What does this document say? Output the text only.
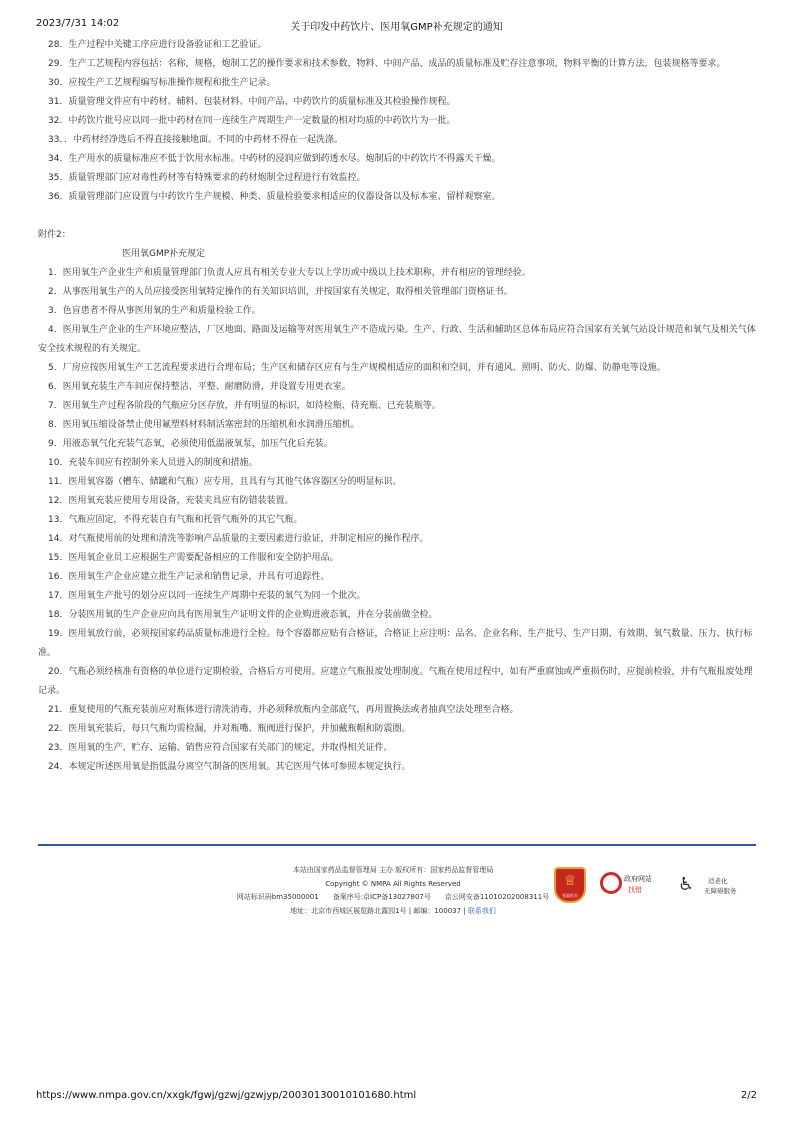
2023/7/31 14:02	关于印发中药饮片、医用氧GMP补充规定的通知

28．生产过程中关键工序应进行设备验证和工艺验证。

29．生产工艺规程内容包括：名称，规格，炮制工艺的操作要求和技术参数，物料、中间产品、成品的质量标准及贮存注意事项，物料平衡的计算方法，包装规格等要求。

30．应按生产工艺规程编写标准操作规程和批生产记录。

31．质量管理文件应有中药材、辅料、包装材料、中间产品、中药饮片的质量标准及其检验操作规程。

32．中药饮片批号应以同一批中药材在同一连续生产周期生产一定数量的相对均质的中药饮片为一批。

33．．中药材经净选后不得直接接触地面。不同的中药材不得在一起洗涤。

34．生产用水的质量标准应不低于饮用水标准。中药材的浸润应做到药透水尽。炮制后的中药饮片不得露天干燥。

35．质量管理部门应对毒性药材等有特殊要求的药材炮制全过程进行有效监控。

36．质量管理部门应设置与中药饮片生产规模、种类、质量检验要求相适应的仪器设备以及标本室、留样观察室。

附件2：

医用氧GMP补充规定

1．医用氧生产企业生产和质量管理部门负责人应具有相关专业大专以上学历或中级以上技术职称，并有相应的管理经验。

2．从事医用氧生产的人员应接受医用氧特定操作的有关知识培训，并按国家有关规定，取得相关管理部门资格证书。

3．色盲患者不得从事医用氧的生产和质量检验工作。

4．医用氧生产企业的生产环境应整洁，厂区地面、路面及运输等对医用氧生产不造成污染。生产、行政、生活和辅助区总体布局应符合国家有关氧气站设计规范和氧气及相关气体安全技术规程的有关规定。

5．厂房应按医用氧生产工艺流程要求进行合理布局；生产区和储存区应有与生产规模相适应的面积和空间，并有通风、照明、防火、防爆、防静电等设施。

6．医用氧充装生产车间应保持整洁、平整、耐磨防滑，并设置专用更衣室。

7．医用氧生产过程各阶段的气瓶应分区存放，并有明显的标识，如待检瓶、待充瓶、已充装瓶等。

8．医用氧压缩设备禁止使用氟塑料材料制活塞密封的压缩机和水润滑压缩机。

9．用液态氧气化充装气态氧，必须使用低温液氧泵，加压气化后充装。

10．充装车间应有控制外来人员进入的制度和措施。

11．医用氧容器（槽车、储罐和气瓶）应专用，且具有与其他气体容器区分的明显标识。

12．医用氧充装应使用专用设备，充装夹具应有防错装装置。

13．气瓶应固定，不得充装自有气瓶和托管气瓶外的其它气瓶。

14．对气瓶使用前的处理和清洗等影响产品质量的主要因素进行验证，并制定相应的操作程序。

15．医用氧企业员工应根据生产需要配备相应的工作服和安全防护用品。

16．医用氧生产企业应建立批生产记录和销售记录，并具有可追踪性。

17．医用氧生产批号的划分应以同一连续生产周期中充装的氧气为同一个批次。

18．分装医用氧的生产企业应向具有医用氧生产证明文件的企业购进液态氧，并在分装前做全检。

19．医用氧放行前，必须按国家药品质量标准进行全检。每个容器都应贴有合格证，合格证上应注明：品名、企业名称、生产批号、生产日期、有效期、氧气数量、压力、执行标准。

20．气瓶必须经核准有资格的单位进行定期检验，合格后方可使用。应建立气瓶报废处理制度。气瓶在使用过程中，如有严重腐蚀或严重损伤时，应提前检验，并有气瓶报废处理记录。

21．重复使用的气瓶充装前应对瓶体进行清洗消毒，并必须释放瓶内全部底气，再用置换法或者抽真空法处理至合格。

22．医用氧充装后，每只气瓶均需检漏，并对瓶嘴、瓶阀进行保护，并加戴瓶帽和防震圈。

23．医用氧的生产、贮存、运输、销售应符合国家有关部门的规定，并取得相关证件。

24．本规定所述医用氧是指低温分离空气制备的医用氧。其它医用气体可参照本规定执行。

本站由国家药品监督管理局 主办 版权所有：国家药品监督管理局
Copyright © NMPA All Rights Reserved
网站标识码bm35000001　　备案序号:京ICP备13027807号　　京公网安备11010202008311号
地址：北京市西城区展览路北露园1号 | 邮编：100037 | 联系我们
♕
党政机关
政府网站
找错 ♿	适老化
无障碍服务
https://www.nmpa.gov.cn/xxgk/fgwj/gzwj/gzwjyp/20030130010101680.html	2/2
